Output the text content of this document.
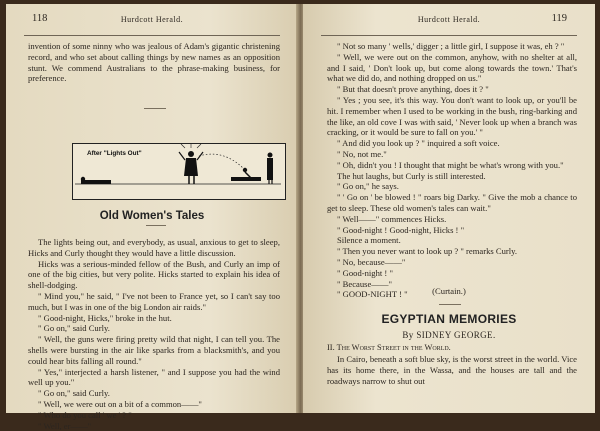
118	Hurdcott Herald.

invention of some ninny who was jealous of Adam's gigantic christening record, and who set about calling things by new names as an opposition stunt. We commend Australians to the phrase-making business, for preference.

After "Lights Out"
Old Women's Tales

The lights being out, and everybody, as usual, anxious to get to sleep, Hicks and Curly thought they would have a little discussion.

Hicks was a serious-minded fellow of the Bush, and Curly an imp of one of the big cities, but very polite. Hicks started to explain his idea of shell-dodging.

" Mind you," he said, " I've not been to France yet, so I can't say too much, but I was in one of the big London air raids."

" Good-night, Hicks," broke in the hut.

" Go on," said Curly.

" Well, the guns were firing pretty wild that night, I can tell you. The shells were bursting in the air like sparks from a blacksmith's, and you could hear bits falling all round."

" Yes," interjected a harsh listener, " and I suppose you had the wind well up you."

" Go on," said Curly.

" Well, we were out on a bit of a common——"

" Who do you call ' we ' ? "

" Well, er——"

Hurdcott Herald.	119

" Not so many ' wells,' digger ; a little girl, I suppose it was, eh ? "

" Well, we were out on the common, anyhow, with no shelter at all, and I said, ' Don't look up, but come along towards the town.' That's what we did do, and nothing dropped on us."

" But that doesn't prove anything, does it ? "

" Yes ; you see, it's this way. You don't want to look up, or you'll be hit. I remember when I used to be working in the bush, ring-barking and the like, an old cove I was with said, ' Never look up when a branch was cracking, or it would be sure to fall on you.' "

" And did you look up ? " inquired a soft voice.

" No, not me."

" Oh, didn't you ! I thought that might be what's wrong with you."

The hut laughs, but Curly is still interested.

" Go on," he says.

" ' Go on ' be blowed ! " roars big Darky. " Give the mob a chance to get to sleep. These old women's tales can wait."

" Well——" commences Hicks.

" Good-night ! Good-night, Hicks ! "

Silence a moment.

" Then you never want to look up ? " remarks Curly.

" No, because——"

" Good-night ! "

" Because——"

" GOOD-NIGHT ! "	(Curtain.)
EGYPTIAN MEMORIES
By SIDNEY GEORGE.
II. The Worst Street in the World.

In Cairo, beneath a soft blue sky, is the worst street in the world. Vice has its home there, in the Wassa, and the houses are tall and the roadways narrow to shut out
